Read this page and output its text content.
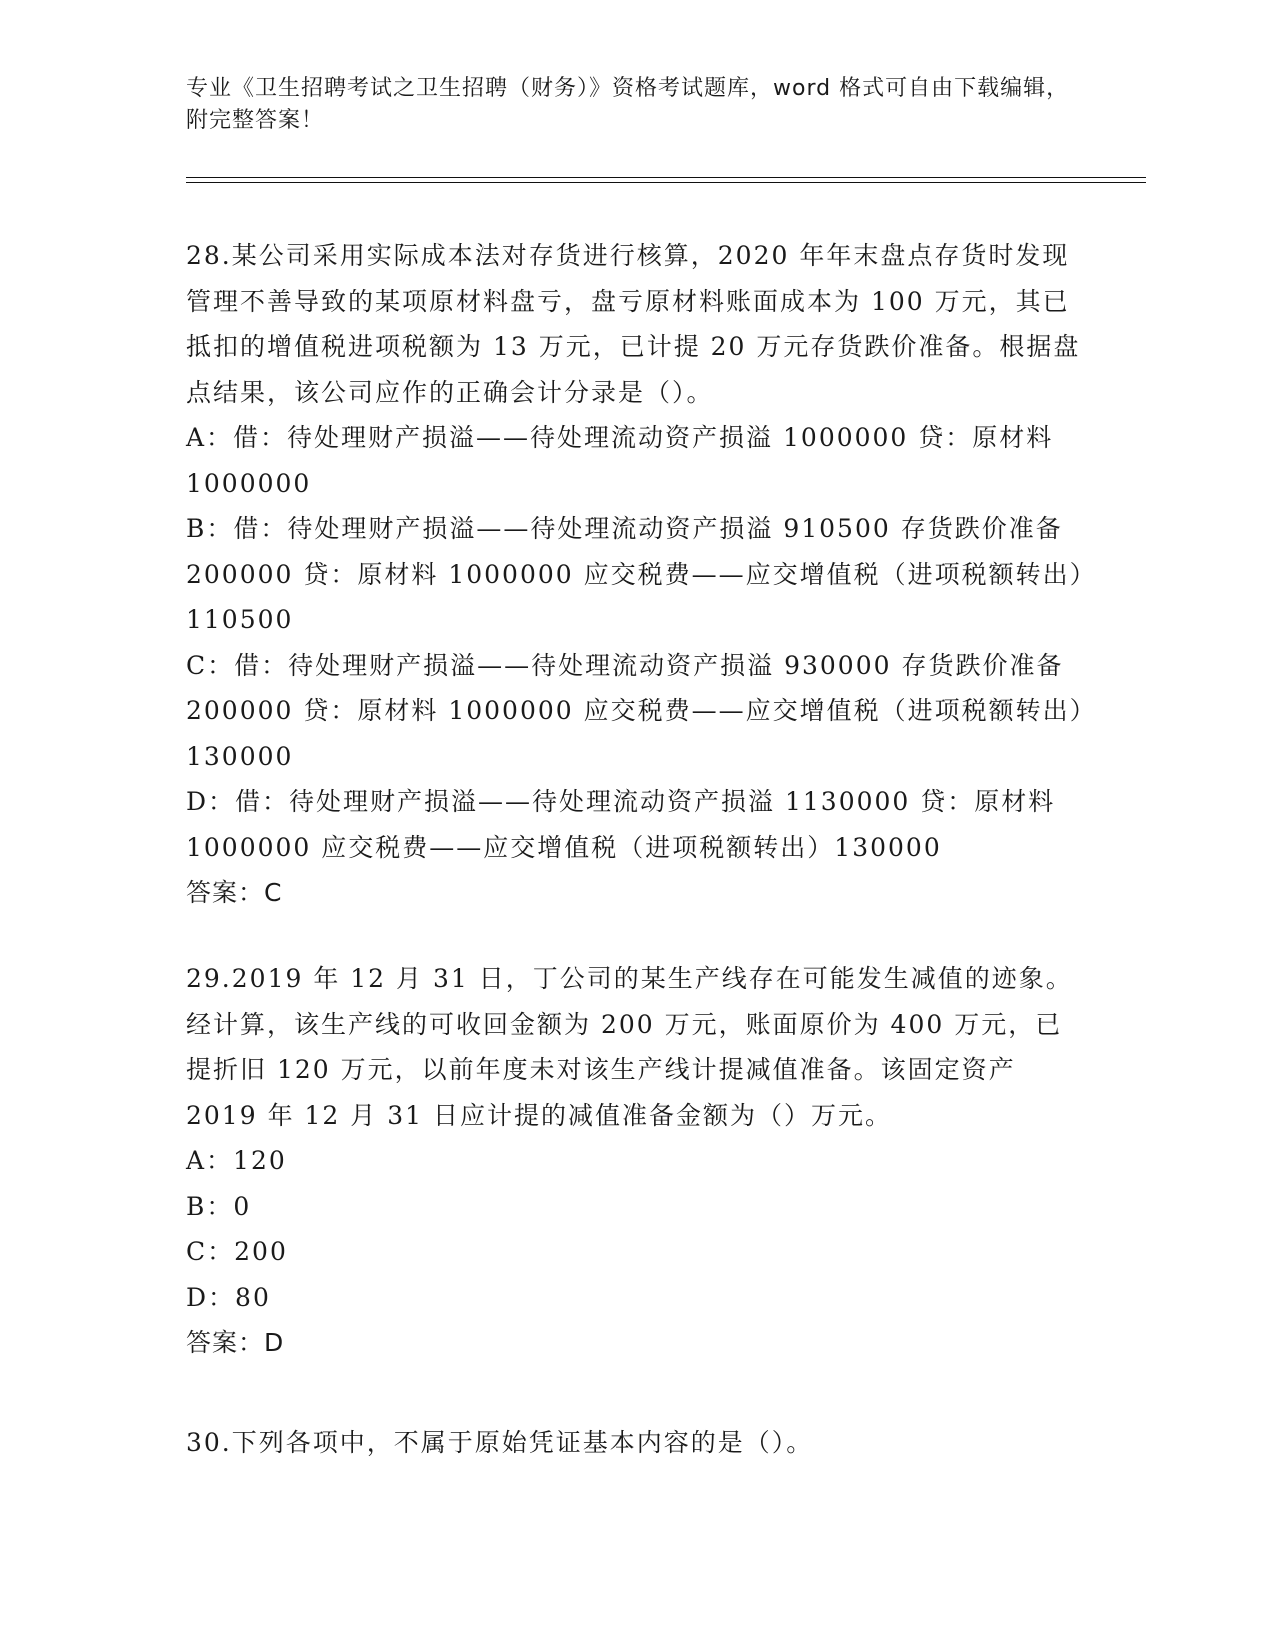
专业《卫生招聘考试之卫生招聘（财务）》资格考试题库，word 格式可自由下载编辑，附完整答案！

28.某公司采用实际成本法对存货进行核算，2020 年年末盘点存货时发现管理不善导致的某项原材料盘亏，盘亏原材料账面成本为 100 万元，其已抵扣的增值税进项税额为 13 万元，已计提 20 万元存货跌价准备。根据盘点结果，该公司应作的正确会计分录是（）。

A：借：待处理财产损溢——待处理流动资产损溢 1000000 贷：原材料 1000000

B：借：待处理财产损溢——待处理流动资产损溢 910500 存货跌价准备 200000 贷：原材料 1000000 应交税费——应交增值税（进项税额转出）110500

C：借：待处理财产损溢——待处理流动资产损溢 930000 存货跌价准备 200000 贷：原材料 1000000 应交税费——应交增值税（进项税额转出）130000

D：借：待处理财产损溢——待处理流动资产损溢 1130000 贷：原材料 1000000 应交税费——应交增值税（进项税额转出）130000

答案：C

29.2019 年 12 月 31 日，丁公司的某生产线存在可能发生减值的迹象。经计算，该生产线的可收回金额为 200 万元，账面原价为 400 万元，已提折旧 120 万元，以前年度未对该生产线计提减值准备。该固定资产 2019 年 12 月 31 日应计提的减值准备金额为（）万元。

A：120

B：0

C：200

D：80

答案：D

30.下列各项中，不属于原始凭证基本内容的是（）。
